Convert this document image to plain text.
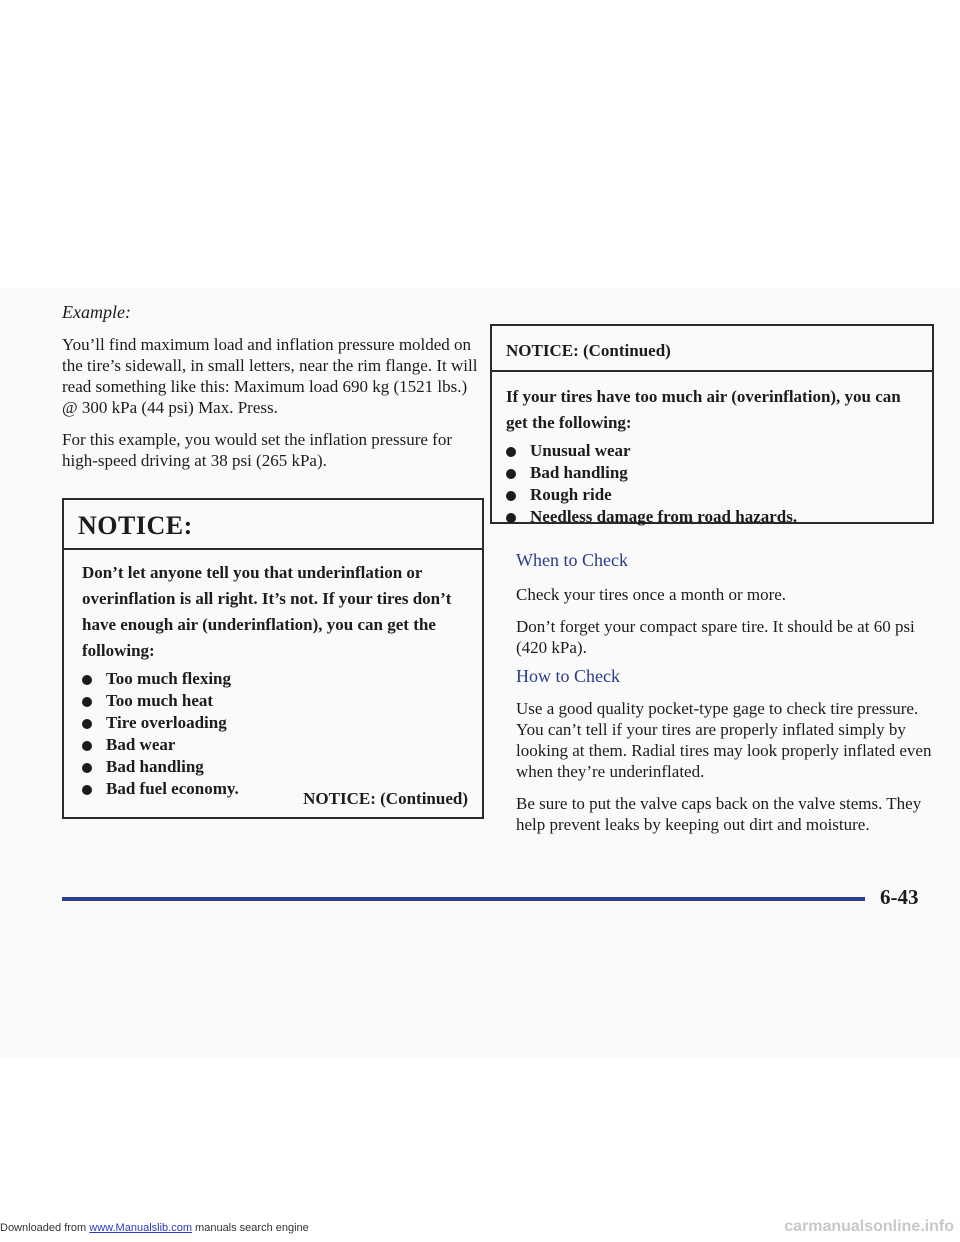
Example:

You’ll find maximum load and inflation pressure molded on the tire’s sidewall, in small letters, near the rim flange. It will read something like this: Maximum load 690 kg (1521 lbs.) @ 300 kPa (44 psi) Max. Press.

For this example, you would set the inflation pressure for high-speed driving at 38 psi (265 kPa).

NOTICE:
Don’t let anyone tell you that underinflation or overinflation is all right. It’s not. If your tires don’t have enough air (underinflation), you can get the following:
Too much flexing
Too much heat
Tire overloading
Bad wear
Bad handling
Bad fuel economy.
NOTICE: (Continued)
NOTICE: (Continued)
If your tires have too much air (overinflation), you can get the following:
Unusual wear
Bad handling
Rough ride
Needless damage from road hazards.
When to Check

Check your tires once a month or more.

Don’t forget your compact spare tire. It should be at 60 psi (420 kPa).

How to Check

Use a good quality pocket-type gage to check tire pressure. You can’t tell if your tires are properly inflated simply by looking at them. Radial tires may look properly inflated even when they’re underinflated.

Be sure to put the valve caps back on the valve stems. They help prevent leaks by keeping out dirt and moisture.

6-43
Downloaded from www.Manualslib.com manuals search engine	carmanualsonline.info
